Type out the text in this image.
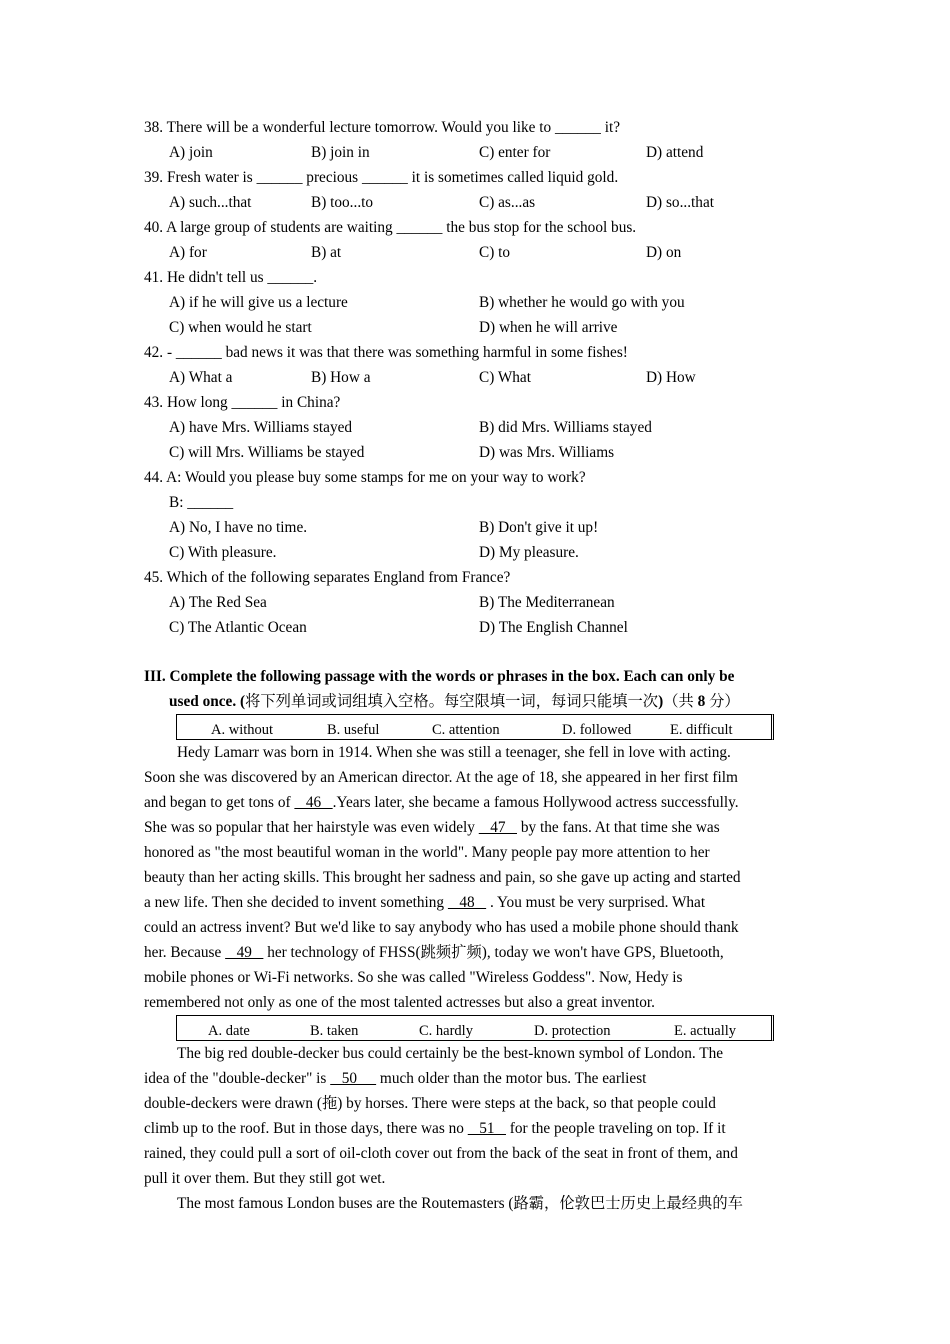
38. There will be a wonderful lecture tomorrow. Would you like to ______ it?

A) join

	B) join in

	C) enter for

	D) attend

39. Fresh water is ______ precious ______ it is sometimes called liquid gold.

A) such...that

	B) too...to

	C) as...as

	D) so...that

40. A large group of students are waiting ______ the bus stop for the school bus.

A) for

	B) at

	C) to

	D) on

41. He didn't tell us ______.

A) if he will give us a lecture

	B) whether he would go with you

C) when would he start

	D) when he will arrive

42. - ______ bad news it was that there was something harmful in some fishes!

A) What a

	B) How a

	C) What

	D) How

43. How long ______ in China?

A) have Mrs. Williams stayed

	B) did Mrs. Williams stayed

C) will Mrs. Williams be stayed

	D) was Mrs. Williams

44. A: Would you please buy some stamps for me on your way to work?
B: ______

A) No, I have no time.

	B) Don't give it up!

C) With pleasure.

	D) My pleasure.

45. Which of the following separates England from France?

A) The Red Sea

	B) The Mediterranean

C) The Atlantic Ocean

	D) The English Channel

III. Complete the following passage with the words or phrases in the box. Each can only be
used once. (将下列单词或词组填入空格。每空限填一词，每词只能填一次)（共 8 分）
A. without	B. useful	C. attention	D. followed	E. difficult

Hedy Lamarr was born in 1914. When she was still a teenager, she fell in love with acting.

Soon she was discovered by an American director. At the age of 18, she appeared in her first film
and began to get tons of    46   .Years later, she became a famous Hollywood actress successfully.
She was so popular that her hairstyle was even widely    47    by the fans. At that time she was
honored as "the most beautiful woman in the world". Many people pay more attention to her
beauty than her acting skills. This brought her sadness and pain, so she gave up acting and started
a new life. Then she decided to invent something    48    . You must be very surprised. What
could an actress invent? But we'd like to say anybody who has used a mobile phone should thank
her. Because    49    her technology of FHSS(跳频扩频), today we won't have GPS, Bluetooth,
mobile phones or Wi-Fi networks. So she was called "Wireless Goddess". Now, Hedy is
remembered not only as one of the most talented actresses but also a great inventor.
A. date	B. taken	C. hardly	D. protection	E. actually

The big red double-decker bus could certainly be the best-known symbol of London. The

idea of the "double-decker" is    50      much older than the motor bus. The earliest
double-deckers were drawn (拖) by horses. There were steps at the back, so that people could
climb up to the roof. But in those days, there was no    51    for the people traveling on top. If it
rained, they could pull a sort of oil-cloth cover out from the back of the seat in front of them, and
pull it over them. But they still got wet.

The most famous London buses are the Routemasters (路霸，伦敦巴士历史上最经典的车
